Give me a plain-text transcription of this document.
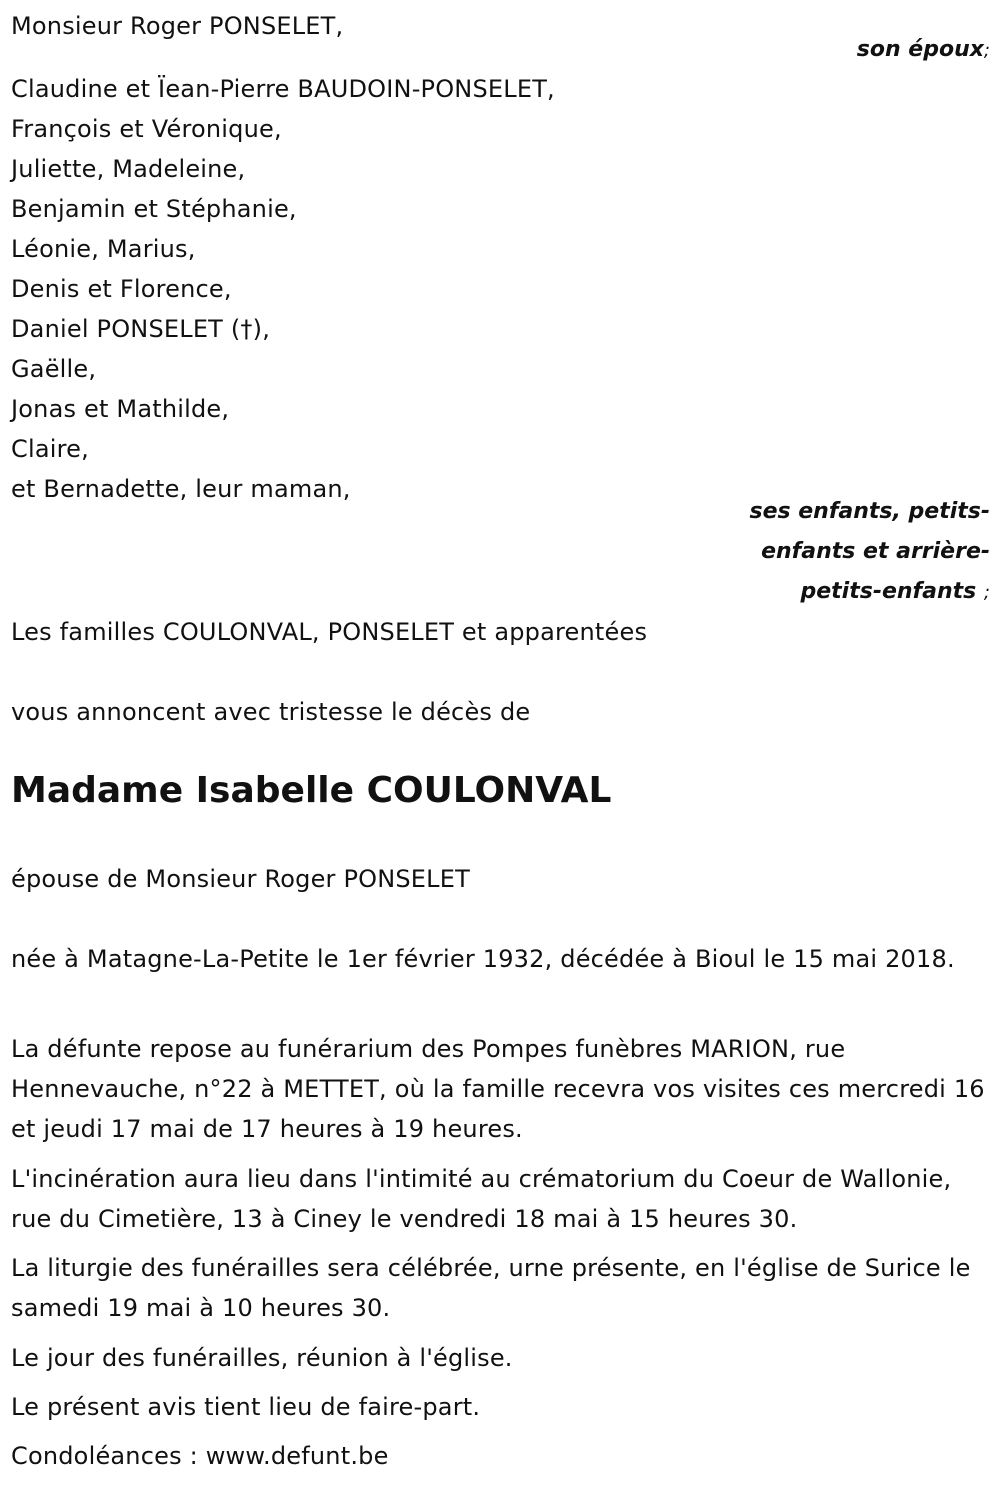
Monsieur Roger PONSELET,
son époux;
Claudine et Ïean-Pierre BAUDOIN-PONSELET,
François et Véronique,
Juliette, Madeleine,
Benjamin et Stéphanie,
Léonie, Marius,
Denis et Florence,
Daniel PONSELET (†),
Gaëlle,
Jonas et Mathilde,
Claire,
et Bernadette, leur maman,
ses enfants, petits-
enfants et arrière-
petits-enfants ;
Les familles COULONVAL, PONSELET et apparentées
vous annoncent avec tristesse le décès de
Madame Isabelle COULONVAL
épouse de Monsieur Roger PONSELET
née à Matagne-La-Petite le 1er février 1932, décédée à Bioul le 15 mai 2018.
La défunte repose au funérarium des Pompes funèbres MARION, rue Hennevauche, n°22 à METTET, où la famille recevra vos visites ces mercredi 16 et jeudi 17 mai de 17 heures à 19 heures.
L'incinération aura lieu dans l'intimité au crématorium du Coeur de Wallonie, rue du Cimetière, 13 à Ciney le vendredi 18 mai à 15 heures 30.
La liturgie des funérailles sera célébrée, urne présente, en l'église de Surice le samedi 19 mai à 10 heures 30.
Le jour des funérailles, réunion à l'église.
Le présent avis tient lieu de faire-part.
Condoléances : www.defunt.be
